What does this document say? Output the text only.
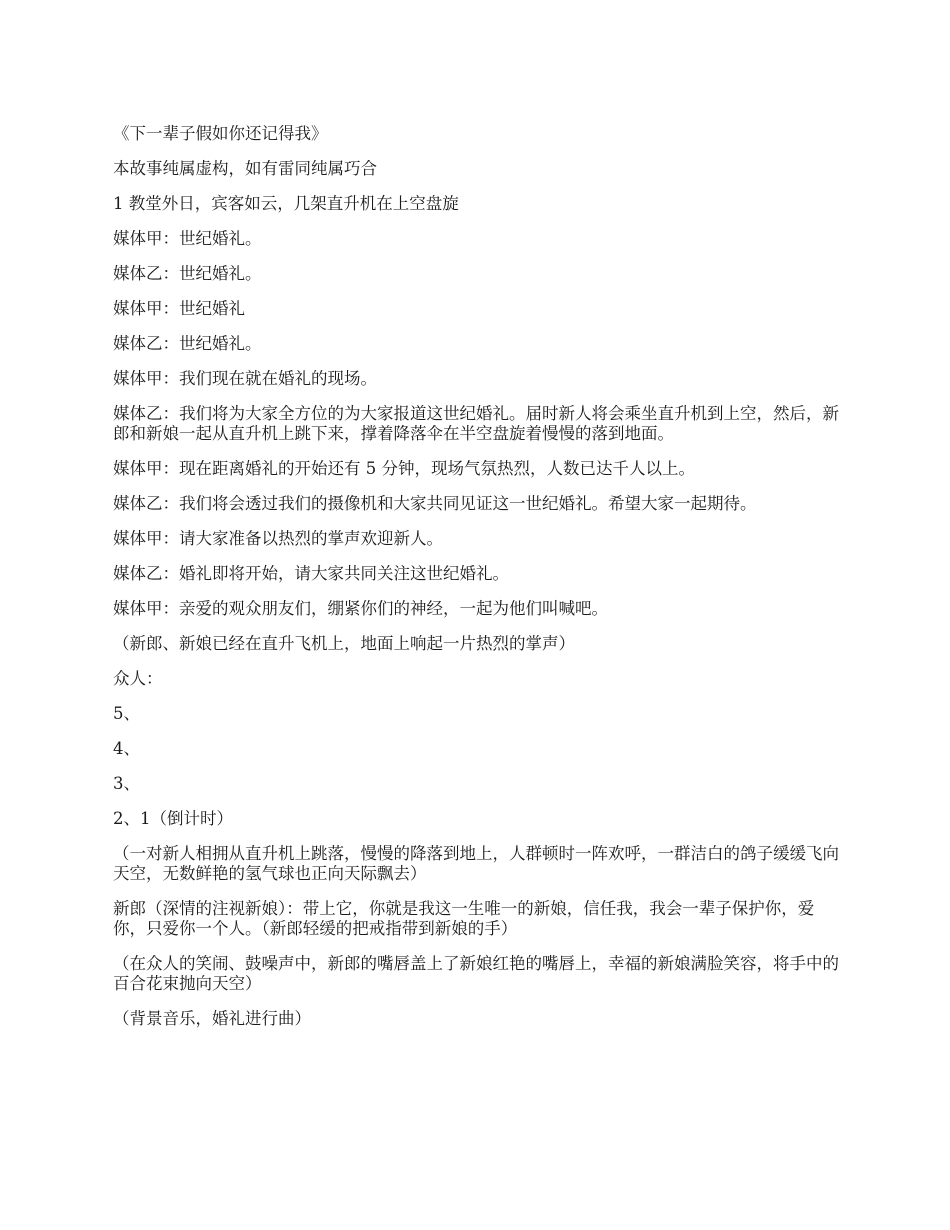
《下一辈子假如你还记得我》

本故事纯属虚构，如有雷同纯属巧合

1 教堂外日，宾客如云，几架直升机在上空盘旋

媒体甲：世纪婚礼。

媒体乙：世纪婚礼。

媒体甲：世纪婚礼

媒体乙：世纪婚礼。

媒体甲：我们现在就在婚礼的现场。

媒体乙：我们将为大家全方位的为大家报道这世纪婚礼。届时新人将会乘坐直升机到上空，然后，新郎和新娘一起从直升机上跳下来，撑着降落伞在半空盘旋着慢慢的落到地面。

媒体甲：现在距离婚礼的开始还有 5 分钟，现场气氛热烈，人数已达千人以上。

媒体乙：我们将会透过我们的摄像机和大家共同见证这一世纪婚礼。希望大家一起期待。

媒体甲：请大家准备以热烈的掌声欢迎新人。

媒体乙：婚礼即将开始，请大家共同关注这世纪婚礼。

媒体甲：亲爱的观众朋友们，绷紧你们的神经，一起为他们叫喊吧。

（新郎、新娘已经在直升飞机上，地面上响起一片热烈的掌声）

众人：

5、

4、

3、

2、1（倒计时）

（一对新人相拥从直升机上跳落，慢慢的降落到地上，人群顿时一阵欢呼，一群洁白的鸽子缓缓飞向天空，无数鲜艳的氢气球也正向天际飘去）

新郎（深情的注视新娘）：带上它，你就是我这一生唯一的新娘，信任我，我会一辈子保护你，爱你，只爱你一个人。（新郎轻缓的把戒指带到新娘的手）

（在众人的笑闹、鼓噪声中，新郎的嘴唇盖上了新娘红艳的嘴唇上，幸福的新娘满脸笑容，将手中的百合花束抛向天空）

（背景音乐，婚礼进行曲）
